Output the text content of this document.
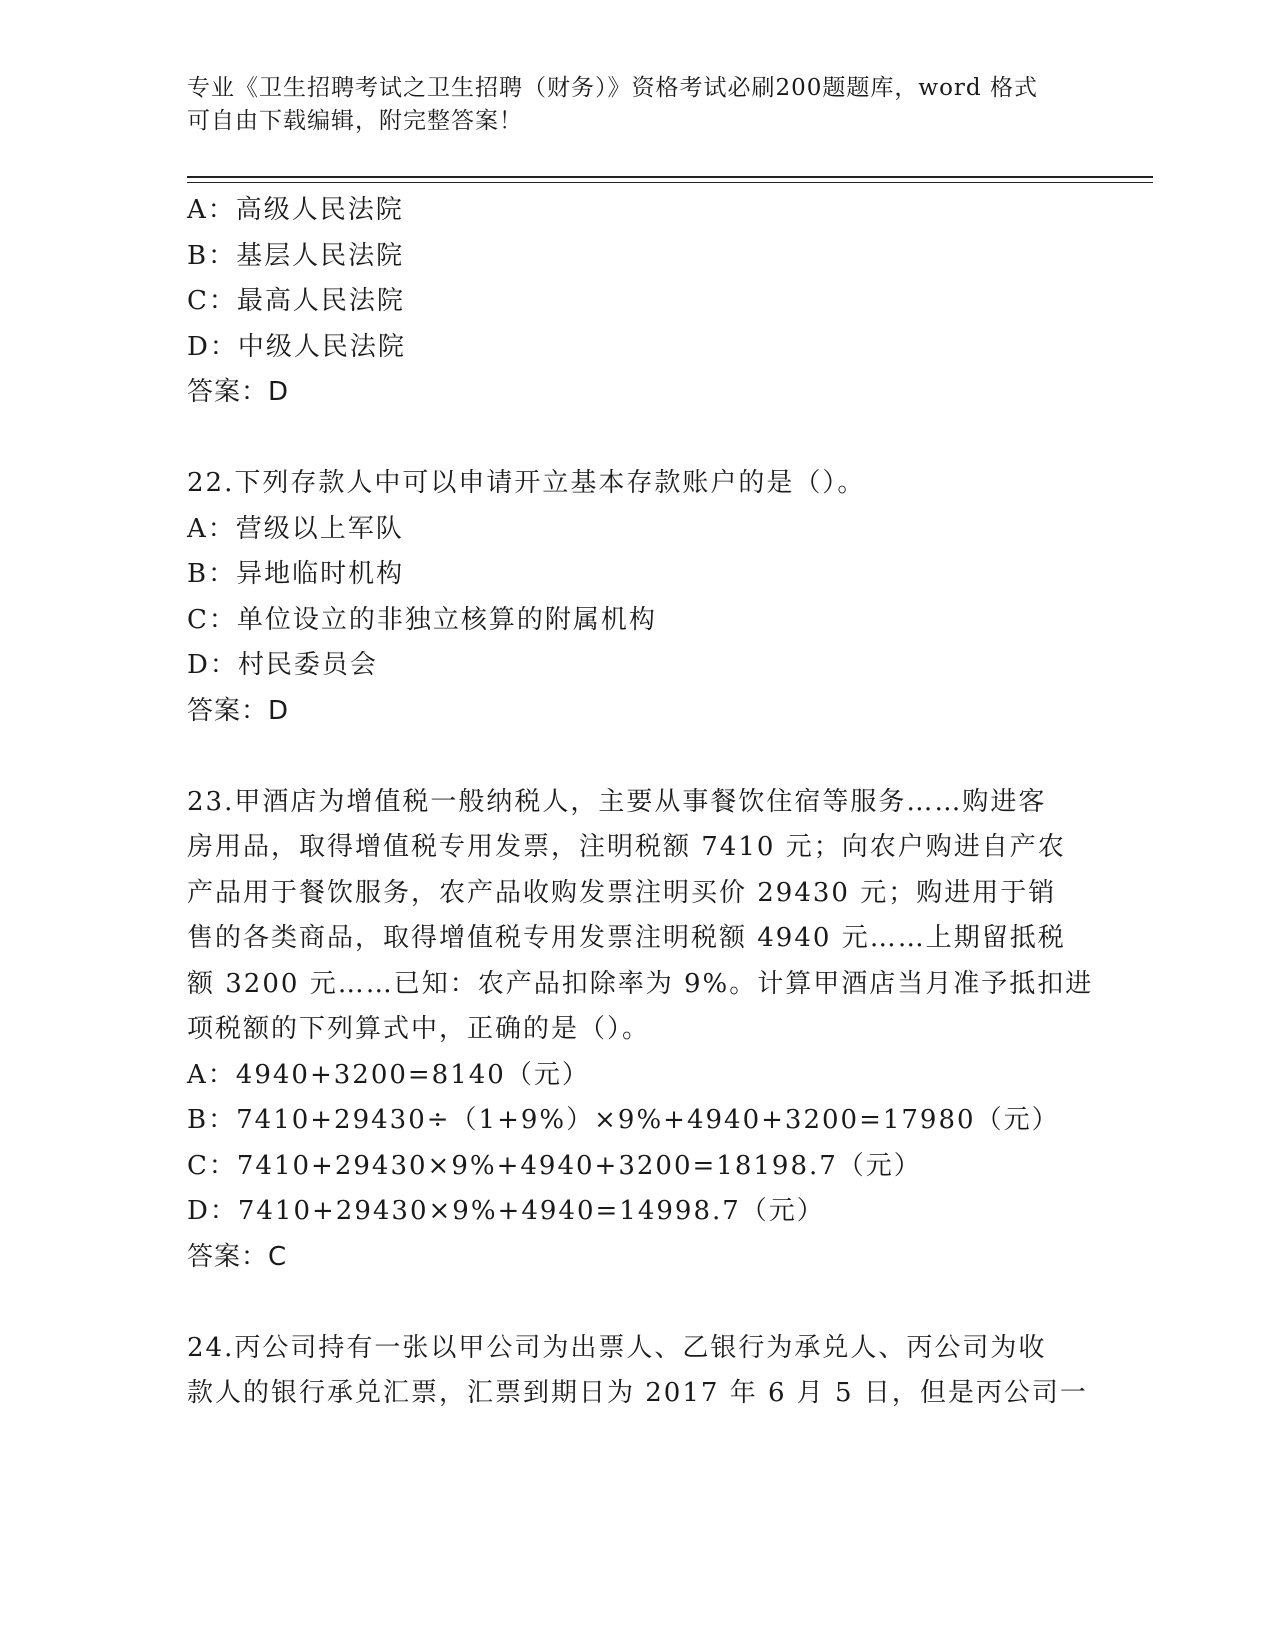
专业《卫生招聘考试之卫生招聘（财务）》资格考试必刷200题题库，word 格式
可自由下载编辑，附完整答案！
A：高级人民法院
B：基层人民法院
C：最高人民法院
D：中级人民法院
答案：D
22.下列存款人中可以申请开立基本存款账户的是（）。
A：营级以上军队
B：异地临时机构
C：单位设立的非独立核算的附属机构
D：村民委员会
答案：D
23.甲酒店为增值税一般纳税人，主要从事餐饮住宿等服务……购进客
房用品，取得增值税专用发票，注明税额 7410 元；向农户购进自产农
产品用于餐饮服务，农产品收购发票注明买价 29430 元；购进用于销
售的各类商品，取得增值税专用发票注明税额 4940 元……上期留抵税
额 3200 元……已知：农产品扣除率为 9%。计算甲酒店当月准予抵扣进
项税额的下列算式中，正确的是（）。
A：4940+3200=8140（元）
B：7410+29430÷（1+9%）×9%+4940+3200=17980（元）
C：7410+29430×9%+4940+3200=18198.7（元）
D：7410+29430×9%+4940=14998.7（元）
答案：C
24.丙公司持有一张以甲公司为出票人、乙银行为承兑人、丙公司为收
款人的银行承兑汇票，汇票到期日为 2017 年 6 月 5 日，但是丙公司一
